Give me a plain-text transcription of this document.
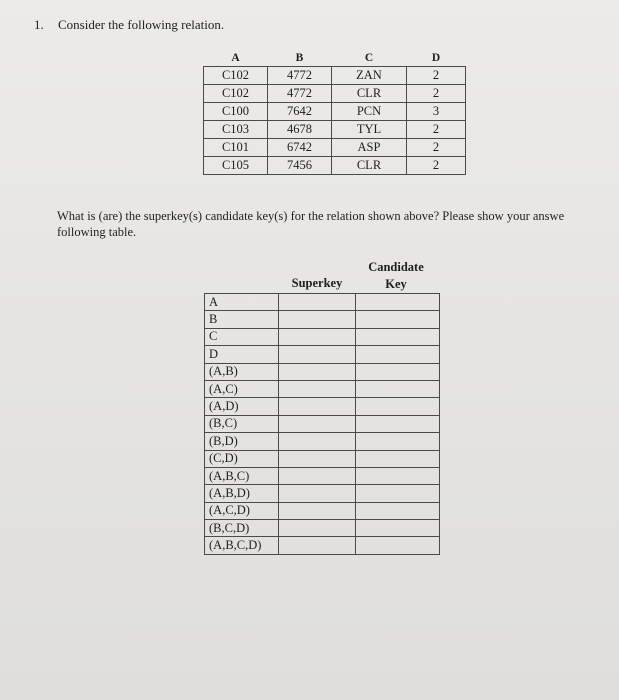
1. Consider the following relation.
A	B	C	D
C102	4772	ZAN	2
C102	4772	CLR	2
C100	7642	PCN	3
C103	4678	TYL	2
C101	6742	ASP	2
C105	7456	CLR	2
What is (are) the superkey(s) candidate key(s) for the relation shown above? Please show your answe
following table.
Superkey
Candidate
Key
A		
B		
C		
D		
(A,B)		
(A,C)		
(A,D)		
(B,C)		
(B,D)		
(C,D)		
(A,B,C)		
(A,B,D)		
(A,C,D)		
(B,C,D)		
(A,B,C,D)		
